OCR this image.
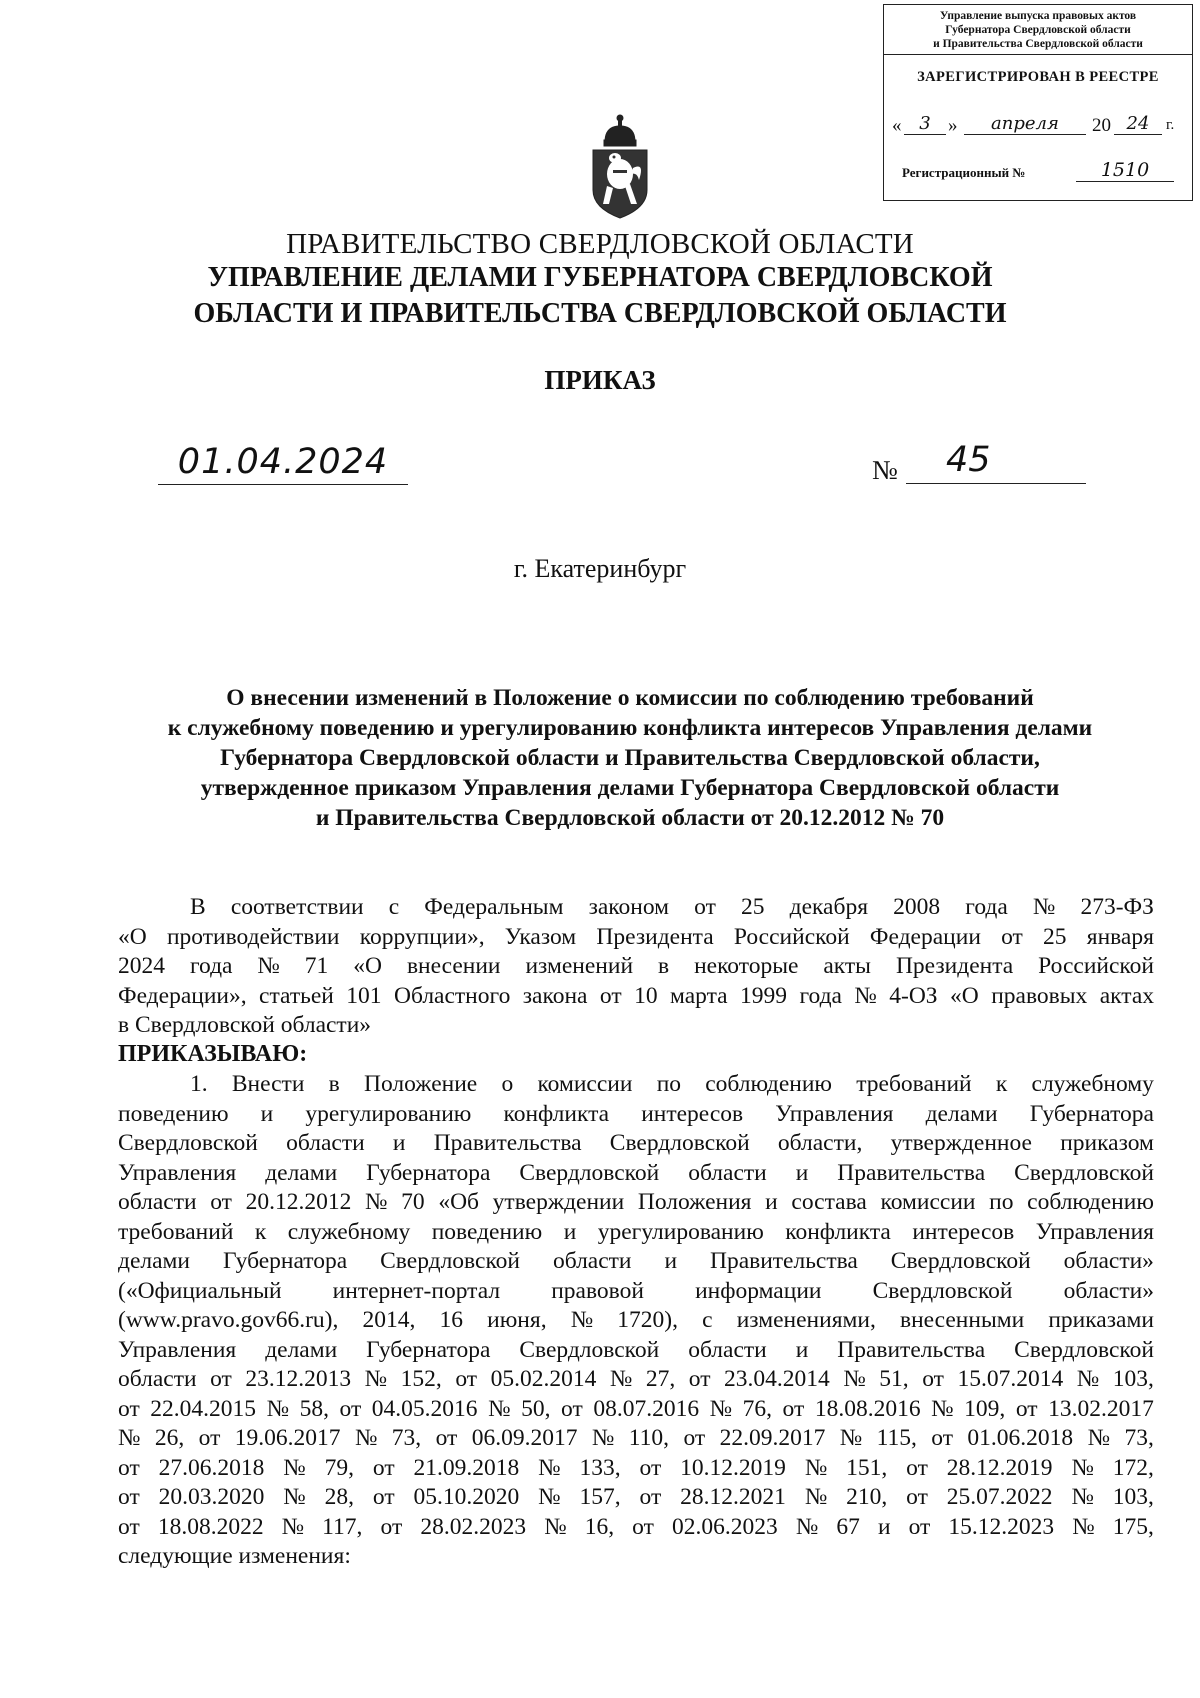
Управление выпуска правовых актов
Губернатора Свердловской области
и Правительства Свердловской области
ЗАРЕГИСТРИРОВАН В РЕЕСТРЕ
« 3 »	апреля	20 24	г.
Регистрационный №	1510
ПРАВИТЕЛЬСТВО СВЕРДЛОВСКОЙ ОБЛАСТИ
УПРАВЛЕНИЕ ДЕЛАМИ ГУБЕРНАТОРА СВЕРДЛОВСКОЙ
ОБЛАСТИ И ПРАВИТЕЛЬСТВА СВЕРДЛОВСКОЙ ОБЛАСТИ
ПРИКАЗ
01.04.2024	№	45
г. Екатеринбург
О внесении изменений в Положение о комиссии по соблюдению требований
к служебному поведению и урегулированию конфликта интересов Управления делами
Губернатора Свердловской области и Правительства Свердловской области,
утвержденное приказом Управления делами Губернатора Свердловской области
и Правительства Свердловской области от 20.12.2012 № 70
В соответствии с Федеральным законом от 25 декабря 2008 года № 273-ФЗ
«О противодействии коррупции», Указом Президента Российской Федерации от 25 января
2024 года № 71 «О внесении изменений в некоторые акты Президента Российской
Федерации», статьей 101 Областного закона от 10 марта 1999 года № 4-ОЗ «О правовых актах
в Свердловской области»
ПРИКАЗЫВАЮ:
1. Внести в Положение о комиссии по соблюдению требований к служебному
поведению и урегулированию конфликта интересов Управления делами Губернатора
Свердловской области и Правительства Свердловской области, утвержденное приказом
Управления делами Губернатора Свердловской области и Правительства Свердловской
области от 20.12.2012 № 70 «Об утверждении Положения и состава комиссии по соблюдению
требований к служебному поведению и урегулированию конфликта интересов Управления
делами Губернатора Свердловской области и Правительства Свердловской области»
(«Официальный интернет-портал правовой информации Свердловской области»
(www.pravo.gov66.ru), 2014, 16 июня, № 1720), с изменениями, внесенными приказами
Управления делами Губернатора Свердловской области и Правительства Свердловской
области от 23.12.2013 № 152, от 05.02.2014 № 27, от 23.04.2014 № 51, от 15.07.2014 № 103,
от 22.04.2015 № 58, от 04.05.2016 № 50, от 08.07.2016 № 76, от 18.08.2016 № 109, от 13.02.2017
№ 26, от 19.06.2017 № 73, от 06.09.2017 № 110, от 22.09.2017 № 115, от 01.06.2018 № 73,
от 27.06.2018 № 79, от 21.09.2018 № 133, от 10.12.2019 № 151, от 28.12.2019 № 172,
от 20.03.2020 № 28, от 05.10.2020 № 157, от 28.12.2021 № 210, от 25.07.2022 № 103,
от 18.08.2022 № 117, от 28.02.2023 № 16, от 02.06.2023 № 67 и от 15.12.2023 № 175,
следующие изменения:
